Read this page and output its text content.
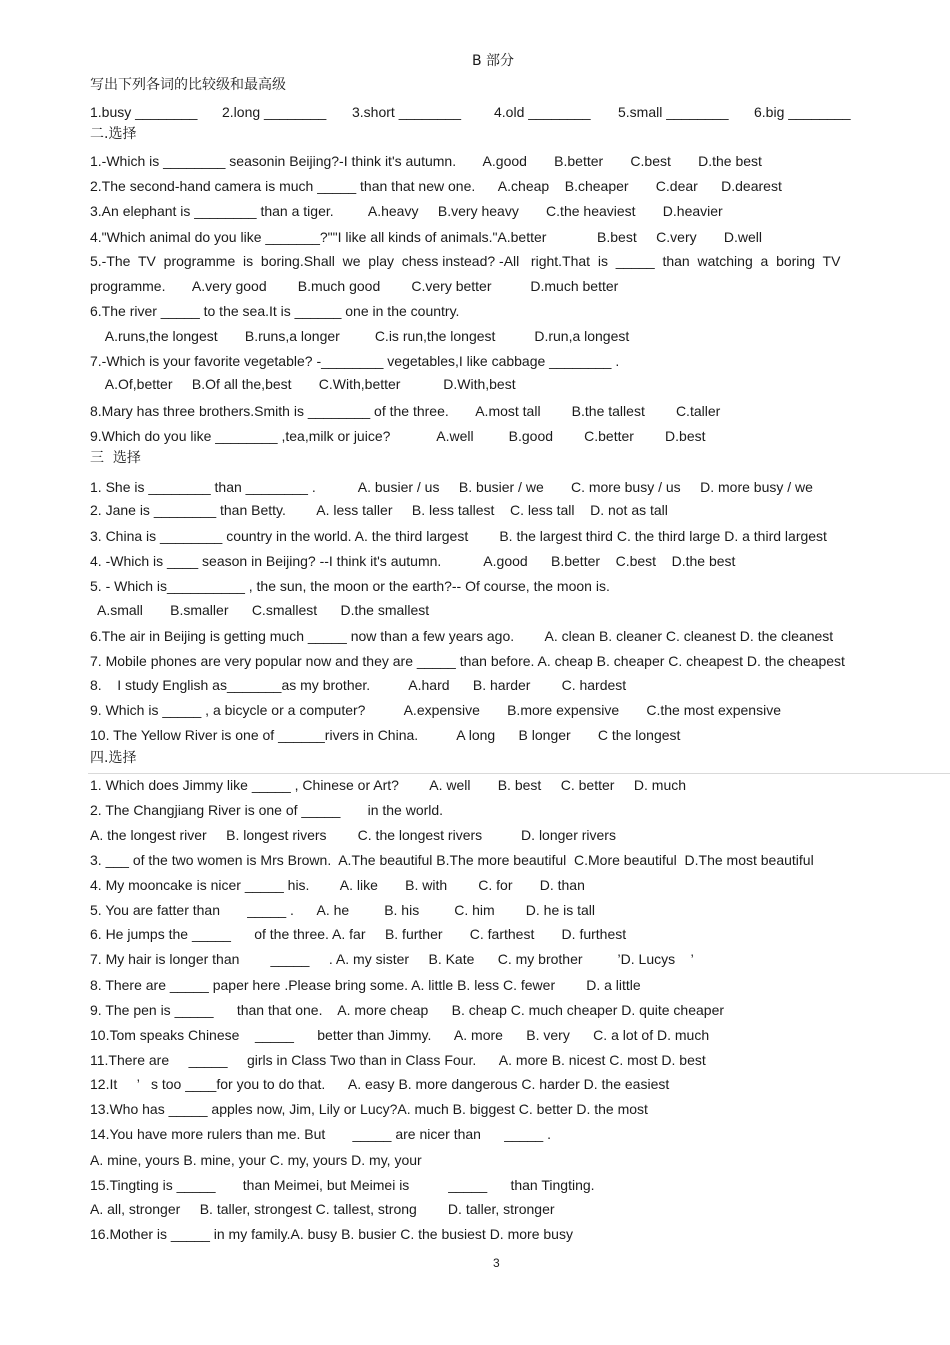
B 部分
写出下列各词的比较级和最高级
1.busy ________ 2.long ________ 3.short ________ 4.old ________ 5.small ________ 6.big ________
二.选择
1.-Which is ________ seasonin Beijing?-I think it's autumn.       A.good       B.better       C.best       D.the best
2.The second-hand camera is much _____ than that new one.      A.cheap    B.cheaper       C.dear      D.dearest
3.An elephant is ________ than a tiger.         A.heavy     B.very heavy       C.the heaviest       D.heavier
4."Which animal do you like _______?""I like all kinds of animals."A.better             B.best     C.very       D.well
5.-The  TV  programme  is  boring.Shall  we  play  chess instead? -All   right.That  is  _____  than  watching  a  boring  TV
programme.       A.very good        B.much good        C.very better          D.much better
6.The river _____ to the sea.It is ______ one in the country.
A.runs,the longest       B.runs,a longer         C.is run,the longest          D.run,a longest
7.-Which is your favorite vegetable? -________ vegetables,I like cabbage ________ .
A.Of,better     B.Of all the,best       C.With,better           D.With,best
8.Mary has three brothers.Smith is ________ of the three.       A.most tall        B.the tallest        C.taller
9.Which do you like ________ ,tea,milk or juice?            A.well         B.good        C.better        D.best
三  选择
1. She is ________ than ________ .           A. busier / us     B. busier / we       C. more busy / us     D. more busy / we
2. Jane is ________ than Betty.        A. less taller     B. less tallest    C. less tall    D. not as tall
3. China is ________ country in the world. A. the third largest        B. the largest third C. the third large D. a third largest
4. -Which is ____ season in Beijing? --I think it's autumn.           A.good      B.better    C.best    D.the best
5. - Which is__________ , the sun, the moon or the earth?-- Of course, the moon is.
A.small       B.smaller      C.smallest      D.the smallest
6.The air in Beijing is getting much _____ now than a few years ago.        A. clean B. cleaner C. cleanest D. the cleanest
7. Mobile phones are very popular now and they are _____ than before. A. cheap B. cheaper C. cheapest D. the cheapest
8.    I study English as_______as my brother.          A.hard      B. harder        C. hardest
9. Which is _____ , a bicycle or a computer?          A.expensive       B.more expensive       C.the most expensive
10. The Yellow River is one of ______rivers in China.          A long      B longer       C the longest
四.选择
1. Which does Jimmy like _____ , Chinese or Art?        A. well       B. best     C. better     D. much
2. The Changjiang River is one of _____       in the world.
A. the longest river     B. longest rivers        C. the longest rivers          D. longer rivers
3. ___ of the two women is Mrs Brown.  A.The beautiful B.The more beautiful  C.More beautiful  D.The most beautiful
4. My mooncake is nicer _____ his.        A. like       B. with        C. for       D. than
5. You are fatter than       _____ .      A. he         B. his         C. him        D. he is tall
6. He jumps the _____      of the three. A. far     B. further       C. farthest       D. furthest
7. My hair is longer than        _____     . A. my sister     B. Kate      C. my brother         ’D. Lucys    ’
8. There are _____ paper here .Please bring some. A. little B. less C. fewer        D. a little
9. The pen is _____      than that one.    A. more cheap      B. cheap C. much cheaper D. quite cheaper
10.Tom speaks Chinese    _____      better than Jimmy.      A. more      B. very      C. a lot of D. much
11.There are     _____     girls in Class Two than in Class Four.      A. more B. nicest C. most D. best
12.It     ’   s too ____for you to do that.      A. easy B. more dangerous C. harder D. the easiest
13.Who has _____ apples now, Jim, Lily or Lucy?A. much B. biggest C. better D. the most
14.You have more rulers than me. But       _____ are nicer than      _____ .
A. mine, yours B. mine, your C. my, yours D. my, your
15.Tingting is _____       than Meimei, but Meimei is          _____      than Tingting.
A. all, stronger     B. taller, strongest C. tallest, strong        D. taller, stronger
16.Mother is _____ in my family.A. busy B. busier C. the busiest D. more busy
3
